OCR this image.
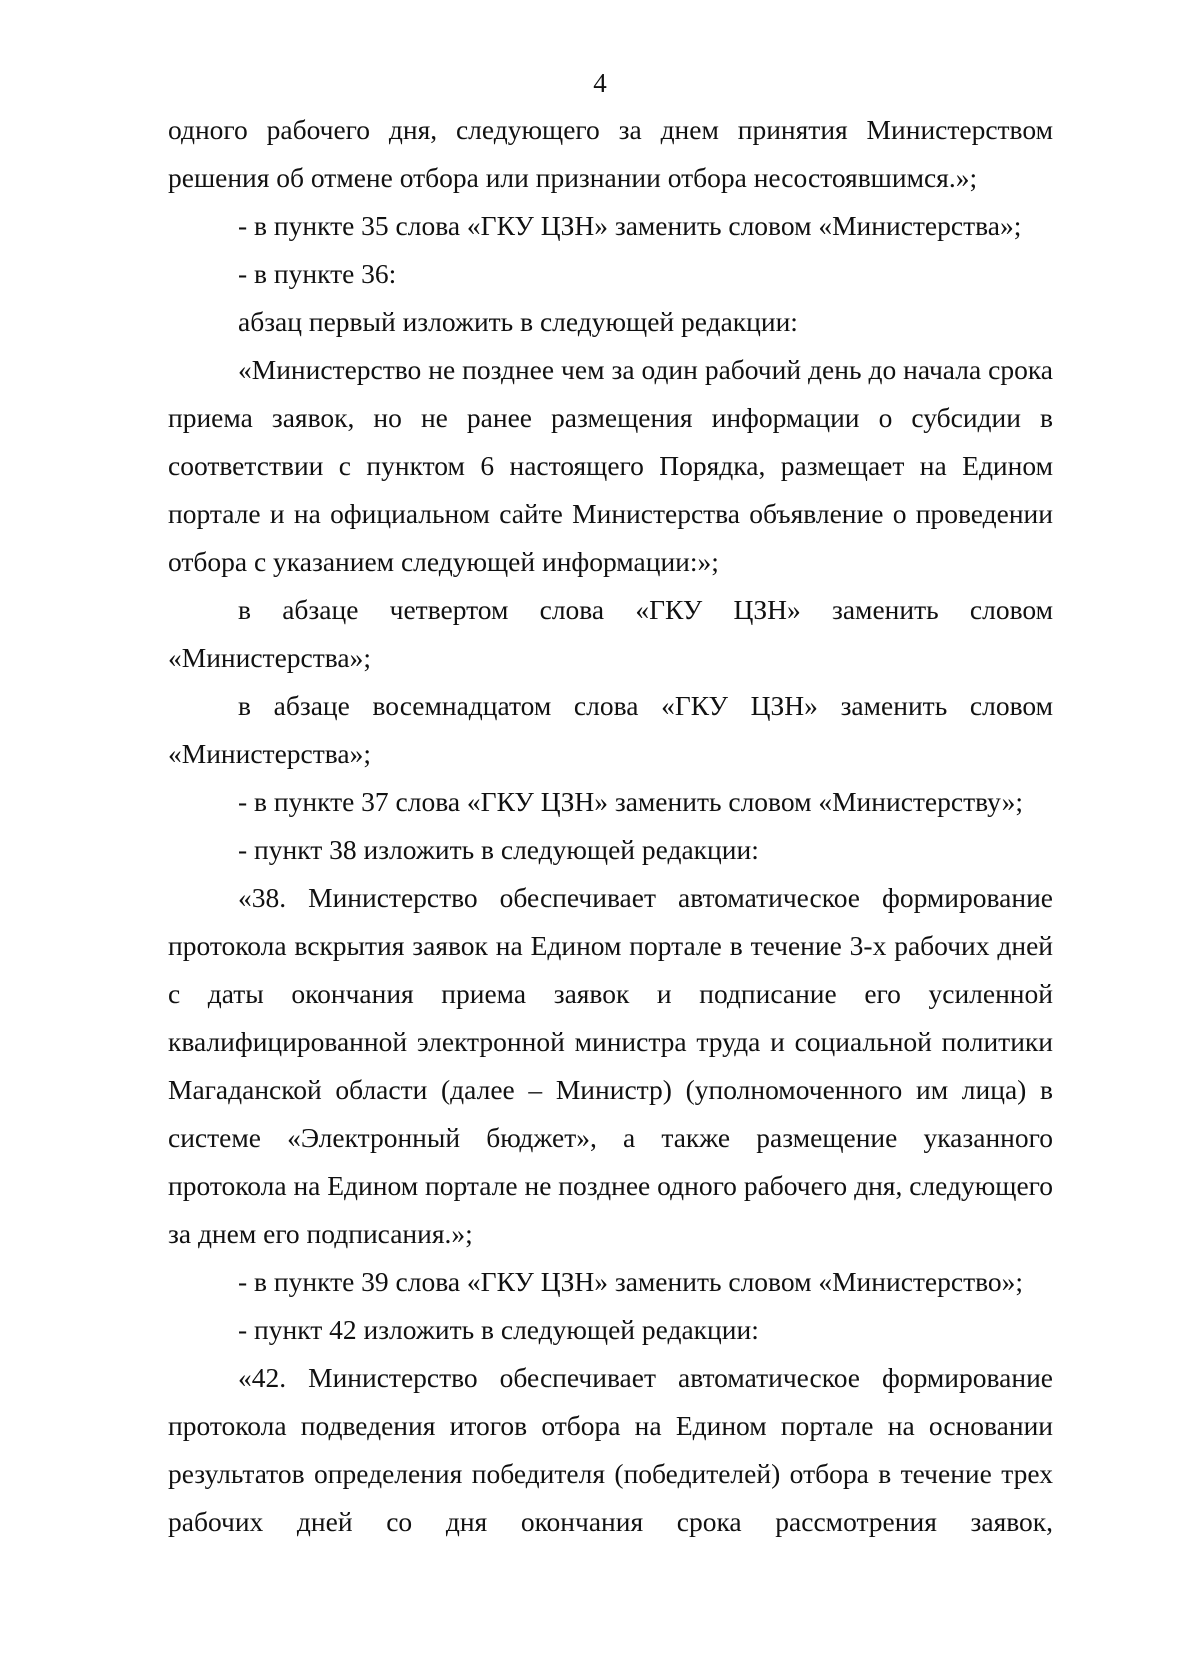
4

одного рабочего дня, следующего за днем принятия Министерством решения об отмене отбора или признании отбора несостоявшимся.»;

- в пункте 35 слова «ГКУ ЦЗН» заменить словом «Министерства»;

- в пункте 36:

абзац первый изложить в следующей редакции:

«Министерство не позднее чем за один рабочий день до начала срока приема заявок, но не ранее размещения информации о субсидии в соответствии с пунктом 6 настоящего Порядка, размещает на Едином портале и на официальном сайте Министерства объявление о проведении отбора с указанием следующей информации:»;

в абзаце четвертом слова «ГКУ ЦЗН» заменить словом «Министерства»;

в абзаце восемнадцатом слова «ГКУ ЦЗН» заменить словом «Министерства»;

- в пункте 37 слова «ГКУ ЦЗН» заменить словом «Министерству»;

- пункт 38 изложить в следующей редакции:

«38. Министерство обеспечивает автоматическое формирование протокола вскрытия заявок на Едином портале в течение 3-х рабочих дней с даты окончания приема заявок и подписание его усиленной квалифицированной электронной министра труда и социальной политики Магаданской области (далее – Министр) (уполномоченного им лица) в системе «Электронный бюджет», а также размещение указанного протокола на Едином портале не позднее одного рабочего дня, следующего за днем его подписания.»;

- в пункте 39 слова «ГКУ ЦЗН» заменить словом «Министерство»;

- пункт 42 изложить в следующей редакции:

«42. Министерство обеспечивает автоматическое формирование протокола подведения итогов отбора на Едином портале на основании результатов определения победителя (победителей) отбора в течение трех рабочих дней со дня окончания срока рассмотрения заявок,
